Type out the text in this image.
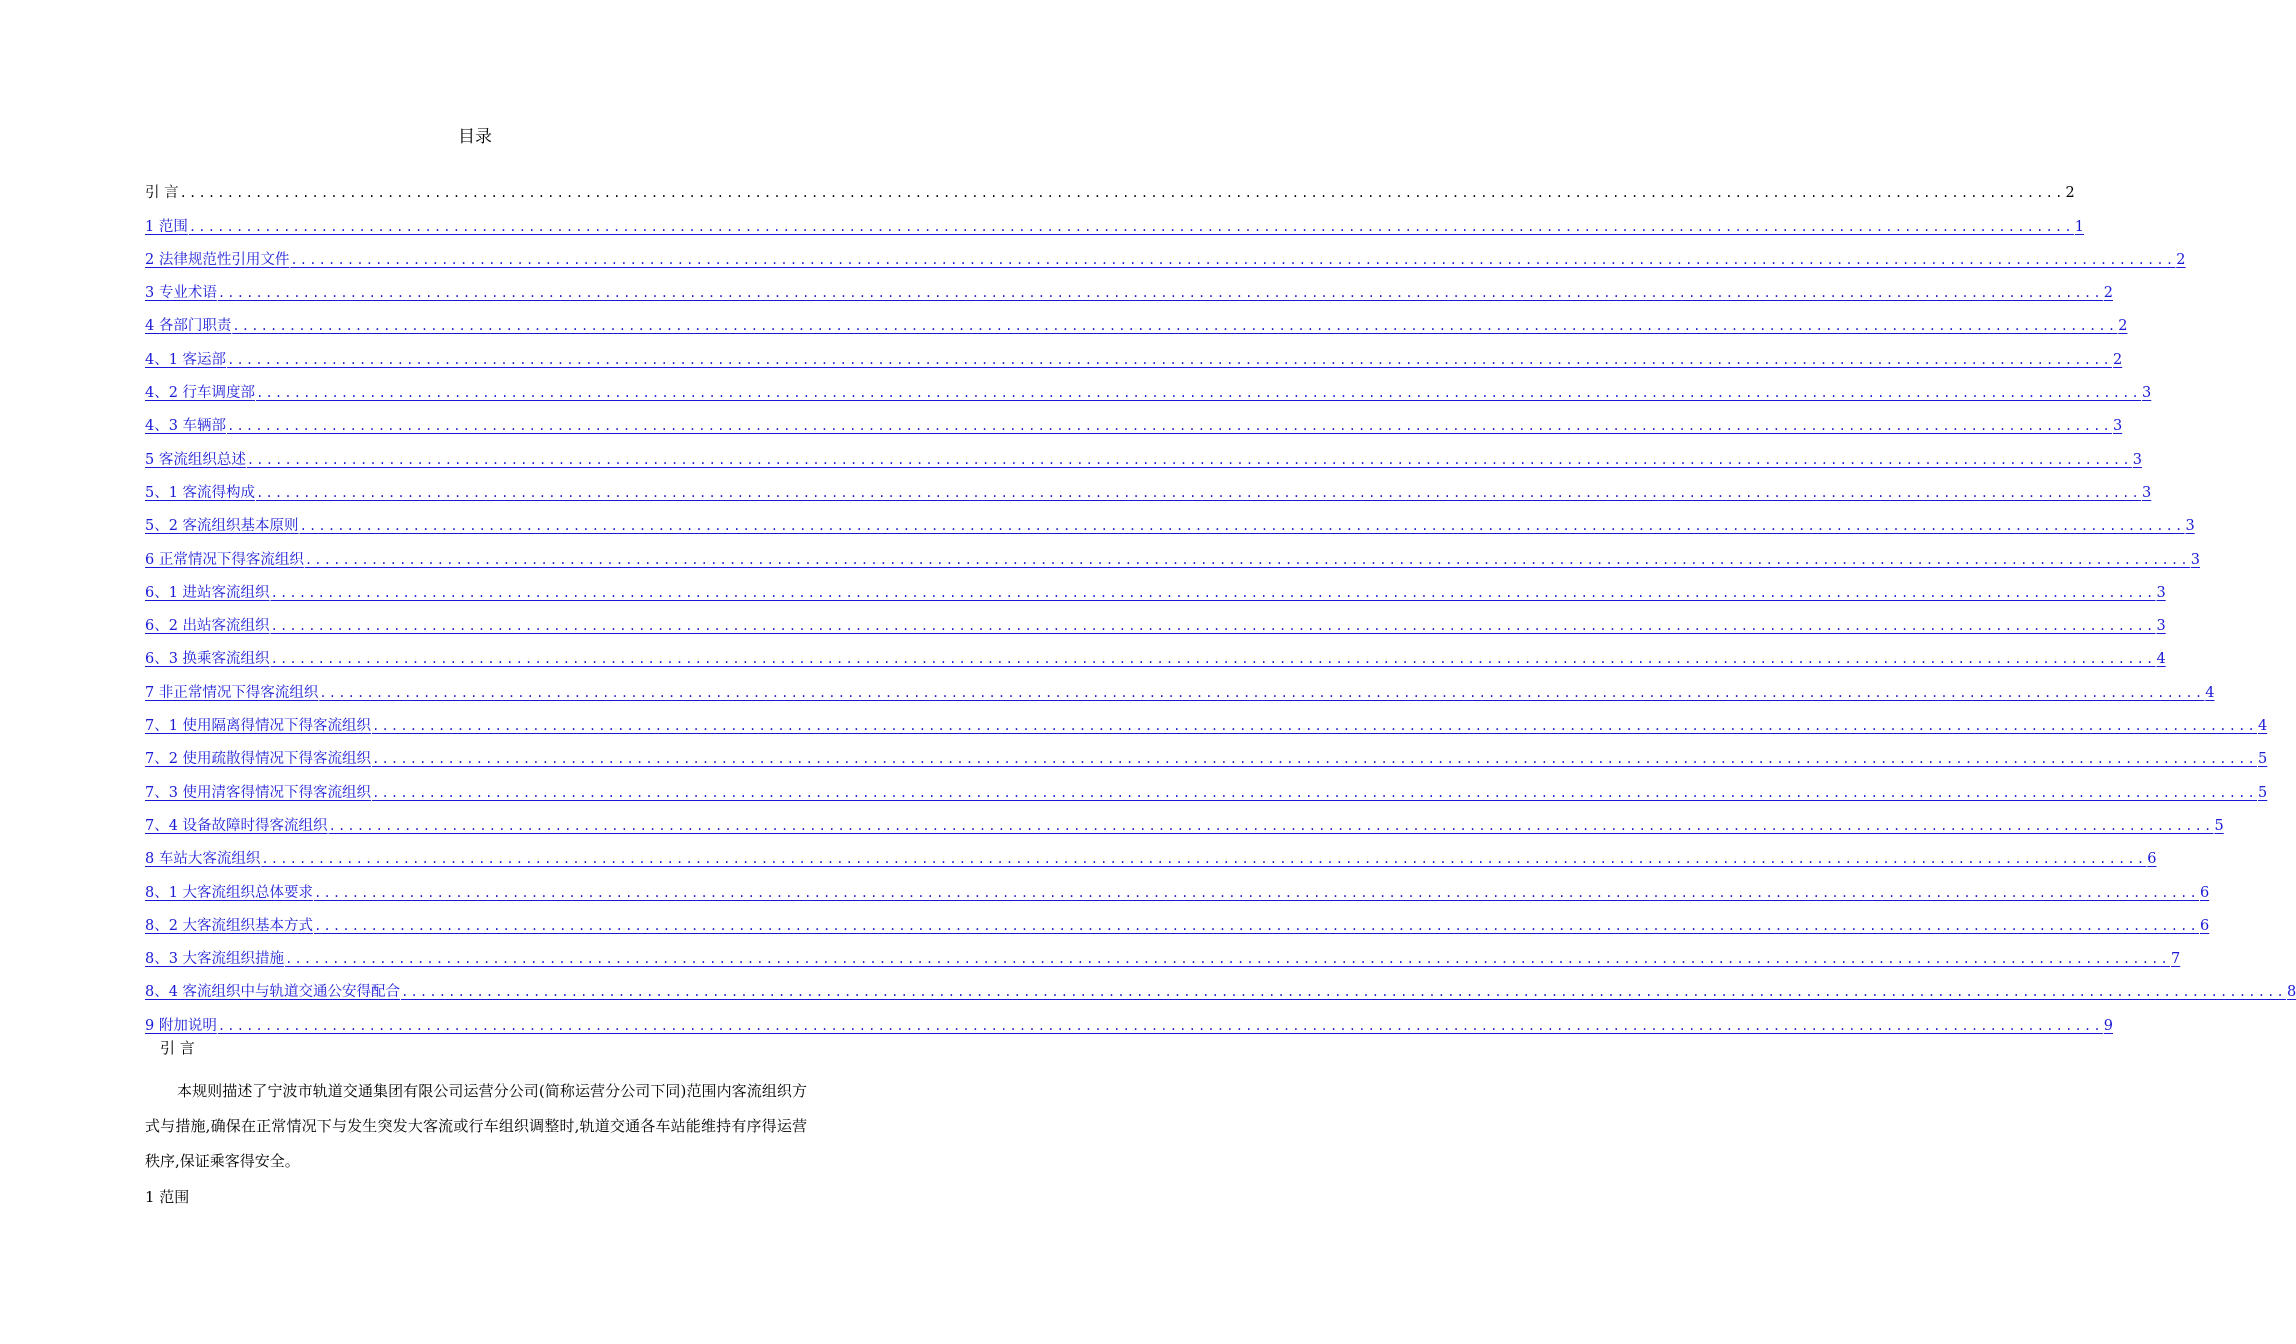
目录
引 言 ........................................................................................................................................................................................................ 2
1 范围 ........................................................................................................................................................................................................ 1
2 法律规范性引用文件 ........................................................................................................................................................................................................ 2
3 专业术语 ........................................................................................................................................................................................................ 2
4 各部门职责 ........................................................................................................................................................................................................ 2
4、1 客运部 ........................................................................................................................................................................................................ 2
4、2 行车调度部 ........................................................................................................................................................................................................ 3
4、3 车辆部 ........................................................................................................................................................................................................ 3
5 客流组织总述 ........................................................................................................................................................................................................ 3
5、1 客流得构成 ........................................................................................................................................................................................................ 3
5、2 客流组织基本原则 ........................................................................................................................................................................................................ 3
6 正常情况下得客流组织 ........................................................................................................................................................................................................ 3
6、1 进站客流组织 ........................................................................................................................................................................................................ 3
6、2 出站客流组织 ........................................................................................................................................................................................................ 3
6、3 换乘客流组织 ........................................................................................................................................................................................................ 4
7 非正常情况下得客流组织 ........................................................................................................................................................................................................ 4
7、1 使用隔离得情况下得客流组织 ........................................................................................................................................................................................................ 4
7、2 使用疏散得情况下得客流组织 ........................................................................................................................................................................................................ 5
7、3 使用清客得情况下得客流组织 ........................................................................................................................................................................................................ 5
7、4 设备故障时得客流组织 ........................................................................................................................................................................................................ 5
8 车站大客流组织 ........................................................................................................................................................................................................ 6
8、1 大客流组织总体要求 ........................................................................................................................................................................................................ 6
8、2 大客流组织基本方式 ........................................................................................................................................................................................................ 6
8、3 大客流组织措施 ........................................................................................................................................................................................................ 7
8、4 客流组织中与轨道交通公安得配合 ........................................................................................................................................................................................................ 8
9 附加说明 ........................................................................................................................................................................................................ 9
引 言
本规则描述了宁波市轨道交通集团有限公司运营分公司(简称运营分公司下同)范围内客流组织方式与措施,确保在正常情况下与发生突发大客流或行车组织调整时,轨道交通各车站能维持有序得运营秩序,保证乘客得安全。
1 范围
